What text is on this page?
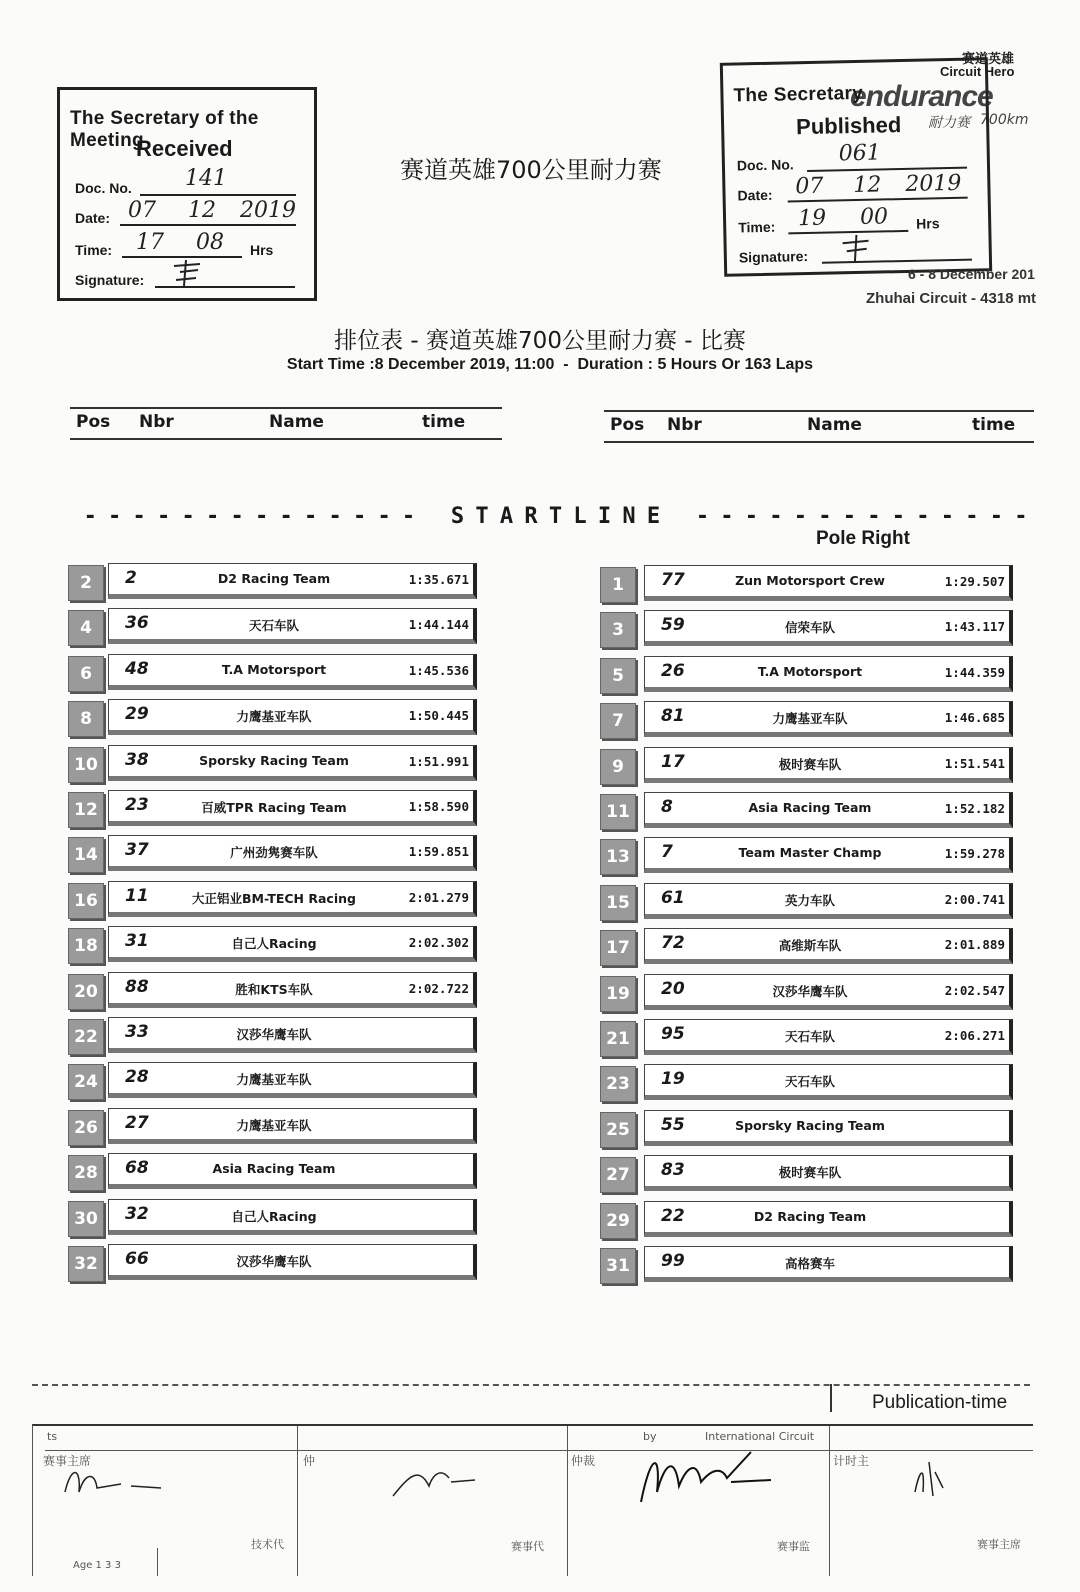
The Secretary of the Meeting
Received
Doc. No. 141
Date: 07 12 2019
Time: 17 08 Hrs
Signature:
赛道英雄700公里耐力赛
赛道英雄
Circuit Hero
endurance
耐力赛 700km
The Secretary
Published
Doc. No. 061
Date: 07 12 2019
Time: 19 00 Hrs
Signature:
6 - 8 December 201
Zhuhai Circuit - 4318 mt
排位表 - 赛道英雄700公里耐力赛 - 比赛
Start Time :8 December 2019, 11:00  -  Duration : 5 Hours Or 163 Laps
Pos Nbr	Name	time	Pos Nbr	Name	time
- - - - - - - - - - - - - -   S T A R T L I N E   - - - - - - - - - - - - - -
Pole Right
2	2	D2 Racing Team	1:35.671
4	36	天石车队	1:44.144
6	48	T.A Motorsport	1:45.536
8	29	力鹰基亚车队	1:50.445
10	38	Sporsky Racing Team	1:51.991
12	23	百威TPR Racing Team	1:58.590
14	37	广州劲隽赛车队	1:59.851
16	11	大正铝业BM-TECH Racing	2:01.279
18	31	自己人Racing	2:02.302
20	88	胜和KTS车队	2:02.722
22	33	汉莎华鹰车队
24	28	力鹰基亚车队
26	27	力鹰基亚车队
28	68	Asia Racing Team
30	32	自己人Racing
32	66	汉莎华鹰车队
1	77	Zun Motorsport Crew	1:29.507
3	59	信荣车队	1:43.117
5	26	T.A Motorsport	1:44.359
7	81	力鹰基亚车队	1:46.685
9	17	极时赛车队	1:51.541
11	8	Asia Racing Team	1:52.182
13	7	Team Master Champ	1:59.278
15	61	英力车队	2:00.741
17	72	高维斯车队	2:01.889
19	20	汉莎华鹰车队	2:02.547
21	95	天石车队	2:06.271
23	19	天石车队
25	55	Sporsky Racing Team
27	83	极时赛车队
29	22	D2 Racing Team
31	99	高格赛车
Publication-time
ts
赛事主席
Age 1 3 3
仲
技术代
by	International Circuit
仲裁
赛事代
计时主
赛事监	赛事主席
